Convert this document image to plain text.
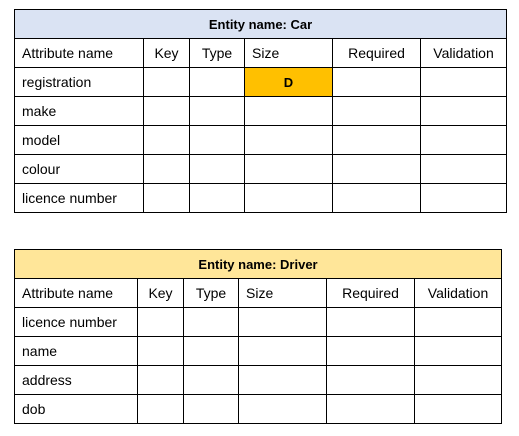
Entity name: Car					
Attribute name	Key	Type	Size	Required	Validation
registration			D		
make					
model					
colour					
licence number					
Entity name: Driver					
Attribute name	Key	Type	Size	Required	Validation
licence number					
name					
address					
dob					
